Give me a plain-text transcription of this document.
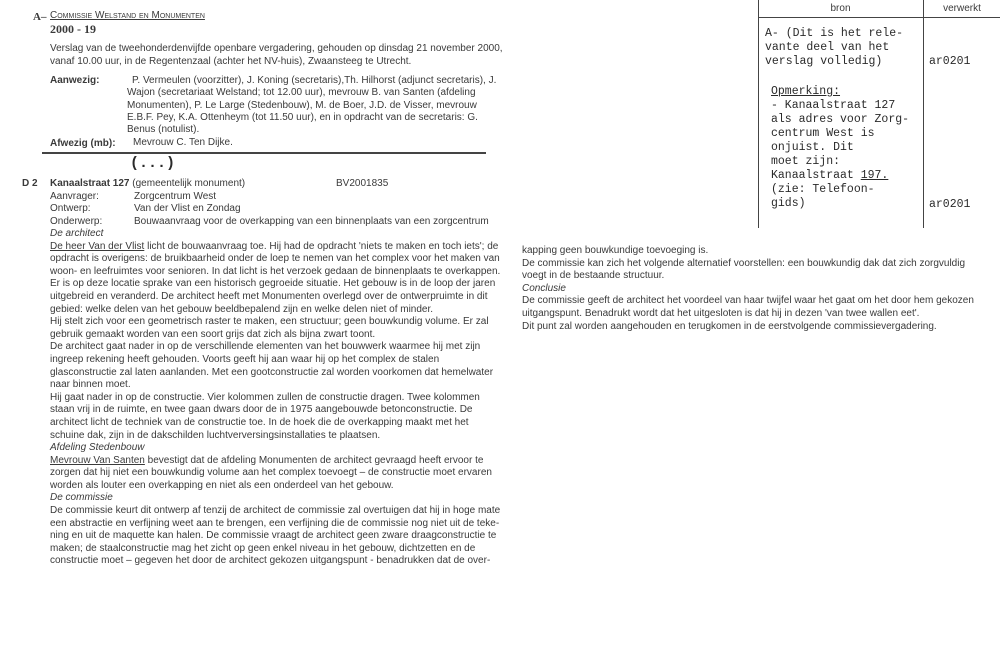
A– Commissie Welstand en Monumenten
2000 - 19
Verslag van de tweehonderdenvijfde openbare vergadering, gehouden op dinsdag 21 november 2000,
vanaf 10.00 uur, in de Regentenzaal (achter het NV-huis), Zwaansteeg te Utrecht.
Aanwezig:	P. Vermeulen (voorzitter), J. Koning (secretaris),Th. Hilhorst (adjunct secretaris), J.
Wajon (secretariaat Welstand; tot 12.00 uur), mevrouw B. van Santen (afdeling
Monumenten), P. Le Large (Stedenbouw), M. de Boer, J.D. de Visser, mevrouw
E.B.F. Pey, K.A. Ottenheym (tot 11.50 uur), en in opdracht van de secretaris: G.
Benus (notulist).
Afwezig (mb): Mevrouw C. Ten Dijke.
(...)
D 2 Kanaalstraat 127 (gemeentelijk monument)	BV2001835
Aanvrager:	Zorgcentrum West
Ontwerp:	Van der Vlist en Zondag
Onderwerp:	Bouwaanvraag voor de overkapping van een binnenplaats van een zorgcentrum
De architect
De heer Van der Vlist licht de bouwaanvraag toe. Hij had de opdracht 'niets te maken en toch iets'; de
opdracht is overigens: de bruikbaarheid onder de loep te nemen van het complex voor het maken van
woon- en leefruimtes voor senioren. In dat licht is het verzoek gedaan de binnenplaats te overkappen.
Er is op deze locatie sprake van een historisch gegroeide situatie. Het gebouw is in de loop der jaren
uitgebreid en veranderd. De architect heeft met Monumenten overlegd over de ontwerpruimte in dit
gebied: welke delen van het gebouw beeldbepalend zijn en welke delen niet of minder.
Hij stelt zich voor een geometrisch raster te maken, een structuur; geen bouwkundig volume. Er zal
gebruik gemaakt worden van een soort grijs dat zich als bijna zwart toont.
De architect gaat nader in op de verschillende elementen van het bouwwerk waarmee hij met zijn
ingreep rekening heeft gehouden. Voorts geeft hij aan waar hij op het complex de stalen
glasconstructie zal laten aanlanden. Met een gootconstructie zal worden voorkomen dat hemelwater
naar binnen moet.
Hij gaat nader in op de constructie. Vier kolommen zullen de constructie dragen. Twee kolommen
staan vrij in de ruimte, en twee gaan dwars door de in 1975 aangebouwde betonconstructie. De
architect licht de techniek van de constructie toe. In de hoek die de overkapping maakt met het
schuine dak, zijn in de dakschilden luchtverversingsinstallaties te plaatsen.
Afdeling Stedenbouw
Mevrouw Van Santen bevestigt dat de afdeling Monumenten de architect gevraagd heeft ervoor te
zorgen dat hij niet een bouwkundig volume aan het complex toevoegt – de constructie moet ervaren
worden als louter een overkapping en niet als een onderdeel van het gebouw.
De commissie
De commissie keurt dit ontwerp af tenzij de architect de commissie zal overtuigen dat hij in hoge mate
een abstractie en verfijning weet aan te brengen, een verfijning die de commissie nog niet uit de teke-
ning en uit de maquette kan halen. De commissie vraagt de architect geen zware draagconstructie te
maken; de staalconstructie mag het zicht op geen enkel niveau in het gebouw, dichtzetten en de
constructie moet – gegeven het door de architect gekozen uitgangspunt - benadrukken dat de over-
kapping geen bouwkundige toevoeging is.
De commissie kan zich het volgende alternatief voorstellen: een bouwkundig dak dat zich zorgvuldig
voegt in de bestaande structuur.
Conclusie
De commissie geeft de architect het voordeel van haar twijfel waar het gaat om het door hem gekozen
uitgangspunt. Benadrukt wordt dat het uitgesloten is dat hij in dezen 'van twee wallen eet'.
Dit punt zal worden aangehouden en terugkomen in de eerstvolgende commissievergadering.
bron	verwerkt
A- (Dit is het rele-
vante deel van het
verslag volledig)	ar0201
Opmerking:
- Kanaalstraat 127
als adres voor Zorg-
centrum West is
onjuist. Dit
moet zijn:
Kanaalstraat 197.
(zie: Telefoon-
gids)	ar0201
